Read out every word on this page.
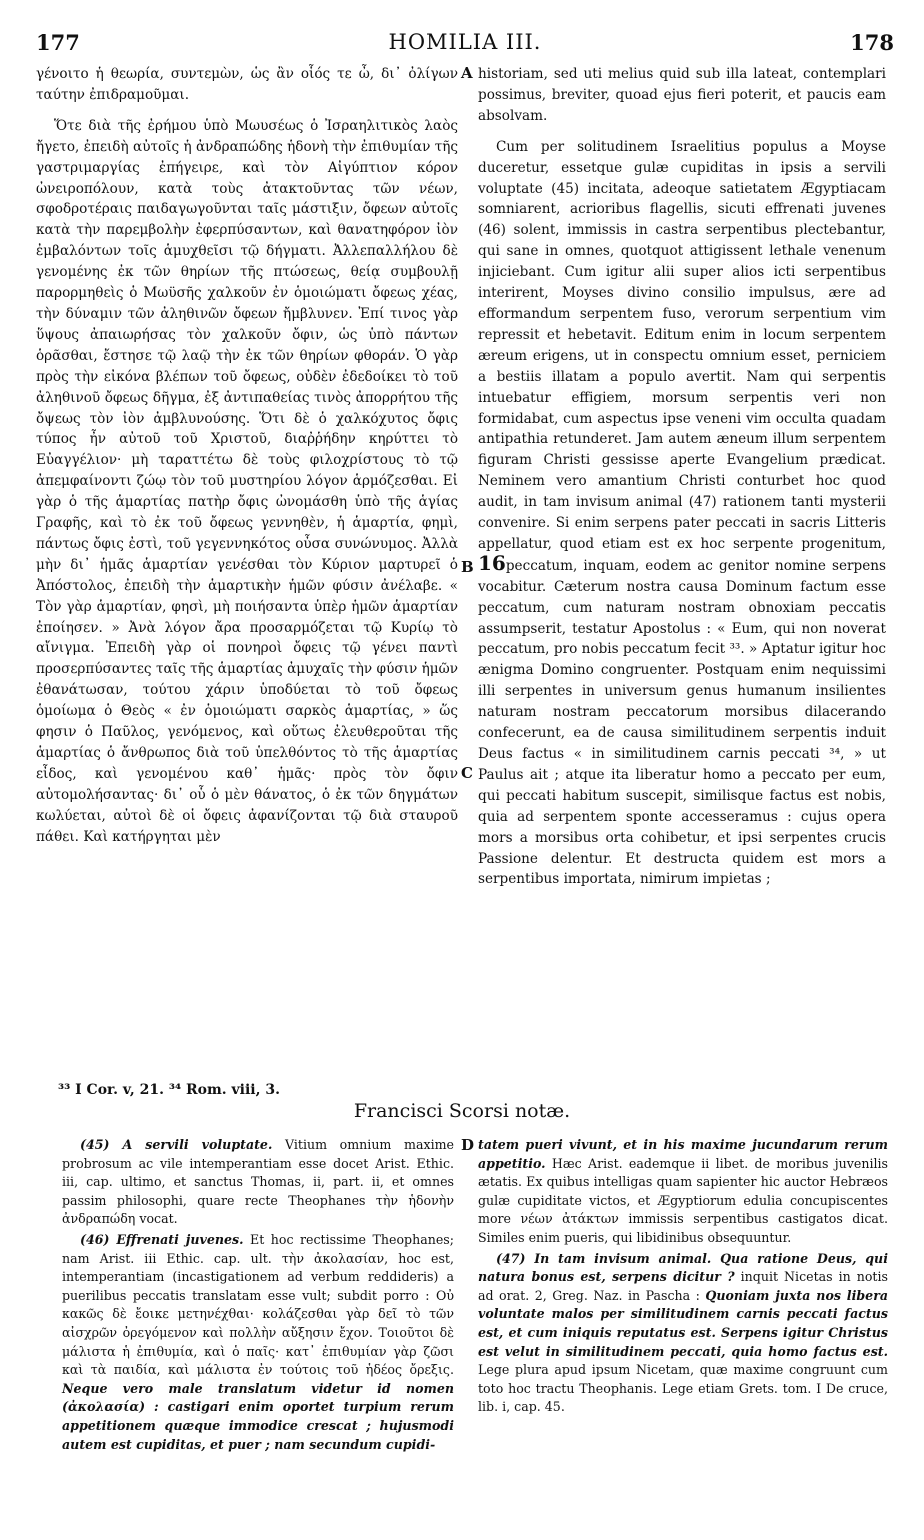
177	HOMILIA III.	178

γένοιτο ἡ θεωρία, συντεμὼν, ὡς ἂν οἷός τε ὦ, δι᾽ ὀλίγων ταύτην ἐπιδραμοῦμαι.

Ὅτε διὰ τῆς ἐρήμου ὑπὸ Μωυσέως ὁ Ἰσραηλιτικὸς λαὸς ἤγετο, ἐπειδὴ αὐτοῖς ἡ ἀνδραπώδης ἡδονὴ τὴν ἐπιθυμίαν τῆς γαστριμαργίας ἐπήγειρε, καὶ τὸν Αἰγύπτιον κόρον ὠνειροπόλουν, κατὰ τοὺς ἀτακτοῦντας τῶν νέων, σφοδροτέραις παιδαγωγοῦνται ταῖς μάστιξιν, ὄφεων αὐτοῖς κατὰ τὴν παρεμβολὴν ἐφερπύσαντων, καὶ θανατηφόρον ἰὸν ἐμβαλόντων τοῖς ἁμυχθεῖσι τῷ δήγματι. Ἀλλεπαλλήλου δὲ γενομένης ἐκ τῶν θηρίων τῆς πτώσεως, θείᾳ συμβουλῇ παρορμηθεὶς ὁ Μωϋσῆς χαλκοῦν ἐν ὁμοιώματι ὄφεως χέας, τὴν δύναμιν τῶν ἀληθινῶν ὄφεων ἤμβλυνεν. Ἐπί τινος γὰρ ὕψους ἀπαιωρήσας τὸν χαλκοῦν ὄφιν, ὡς ὑπὸ πάντων ὁρᾶσθαι, ἔστησε τῷ λαῷ τὴν ἐκ τῶν θηρίων φθοράν. Ὁ γὰρ πρὸς τὴν εἰκόνα βλέπων τοῦ ὄφεως, οὐδὲν ἐδεδοίκει τὸ τοῦ ἀληθινοῦ ὄφεως δῆγμα, ἐξ ἀντιπαθείας τινὸς ἀπορρήτου τῆς ὄψεως τὸν ἰὸν ἀμβλυνούσης. Ὅτι δὲ ὁ χαλκόχυτος ὄφις τύπος ἦν αὐτοῦ τοῦ Χριστοῦ, διαῤῥήδην κηρύττει τὸ Εὐαγγέλιον· μὴ ταραττέτω δὲ τοὺς φιλοχρίστους τὸ τῷ ἀπεμφαίνοντι ζώῳ τὸν τοῦ μυστηρίου λόγον ἁρμόζεσθαι. Εἰ γὰρ ὁ τῆς ἁμαρτίας πατὴρ ὄφις ὠνομάσθη ὑπὸ τῆς ἁγίας Γραφῆς, καὶ τὸ ἐκ τοῦ ὄφεως γεννηθὲν, ἡ ἁμαρτία, φημὶ, πάντως ὄφις ἐστὶ, τοῦ γεγεννηκότος οὖσα συνώνυμος. Ἀλλὰ μὴν δι᾽ ἡμᾶς ἁμαρτίαν γενέσθαι τὸν Κύριον μαρτυρεῖ ὁ Ἀπόστολος, ἐπειδὴ τὴν ἁμαρτικὴν ἡμῶν φύσιν ἀνέλαβε. « Τὸν γὰρ ἁμαρτίαν, φησὶ, μὴ ποιήσαντα ὑπὲρ ἡμῶν ἁμαρτίαν ἐποίησεν. » Ἀνὰ λόγον ἄρα προσαρμόζεται τῷ Κυρίῳ τὸ αἴνιγμα. Ἐπειδὴ γὰρ οἱ πονηροὶ ὄφεις τῷ γένει παντὶ προσερπύσαντες ταῖς τῆς ἁμαρτίας ἀμυχαῖς τὴν φύσιν ἡμῶν ἐθανάτωσαν, τούτου χάριν ὑποδύεται τὸ τοῦ ὄφεως ὁμοίωμα ὁ Θεὸς « ἐν ὁμοιώματι σαρκὸς ἁμαρτίας, » ὥς φησιν ὁ Παῦλος, γενόμενος, καὶ οὕτως ἐλευθεροῦται τῆς ἁμαρτίας ὁ ἄνθρωπος διὰ τοῦ ὑπελθόντος τὸ τῆς ἁμαρτίας εἶδος, καὶ γενομένου καθ᾽ ἡμᾶς· πρὸς τὸν ὄφιν αὐτομολήσαντας· δι᾽ οὗ ὁ μὲν θάνατος, ὁ ἐκ τῶν δηγμάτων κωλύεται, αὐτοὶ δὲ οἱ ὄφεις ἀφανίζονται τῷ διὰ σταυροῦ πάθει. Καὶ κατήργηται μὲν

A
B
C
D

historiam, sed uti melius quid sub illa lateat, contemplari possimus, breviter, quoad ejus fieri poterit, et paucis eam absolvam.

Cum per solitudinem Israelitius populus a Moyse duceretur, essetque gulæ cupiditas in ipsis a servili voluptate (45) incitata, adeoque satietatem Ægyptiacam somniarent, acrioribus flagellis, sicuti effrenati juvenes (46) solent, immissis in castra serpentibus plectebantur, qui sane in omnes, quotquot attigissent lethale venenum injiciebant. Cum igitur alii super alios icti serpentibus interirent, Moyses divino consilio impulsus, ære ad efformandum serpentem fuso, verorum serpentium vim repressit et hebetavit. Editum enim in locum serpentem æreum erigens, ut in conspectu omnium esset, perniciem a bestiis illatam a populo avertit. Nam qui serpentis intuebatur effigiem, morsum serpentis veri non formidabat, cum aspectus ipse veneni vim occulta quadam antipathia retunderet. Jam autem æneum illum serpentem figuram Christi gessisse aperte Evangelium prædicat. Neminem vero amantium Christi conturbet hoc quod audit, in tam invisum animal (47) rationem tanti mysterii convenire. Si enim serpens pater peccati in sacris Litteris appellatur, quod etiam est ex hoc serpente progenitum, 16peccatum, inquam, eodem ac genitor nomine serpens vocabitur. Cæterum nostra causa Dominum factum esse peccatum, cum naturam nostram obnoxiam peccatis assumpserit, testatur Apostolus : « Eum, qui non noverat peccatum, pro nobis peccatum fecit ³³. » Aptatur igitur hoc ænigma Domino congruenter. Postquam enim nequissimi illi serpentes in universum genus humanum insilientes naturam nostram peccatorum morsibus dilacerando confecerunt, ea de causa similitudinem serpentis induit Deus factus « in similitudinem carnis peccati ³⁴, » ut Paulus ait ; atque ita liberatur homo a peccato per eum, qui peccati habitum suscepit, similisque factus est nobis, quia ad serpentem sponte accesseramus : cujus opera mors a morsibus orta cohibetur, et ipsi serpentes crucis Passione delentur. Et destructa quidem est mors a serpentibus importata, nimirum impietas ;

³³ I Cor. v, 21. ³⁴ Rom. viii, 3.
Francisci Scorsi notæ.

(45) A servili voluptate. Vitium omnium maxime probrosum ac vile intemperantiam esse docet Arist. Ethic. iii, cap. ultimo, et sanctus Thomas, ii, part. ii, et omnes passim philosophi, quare recte Theophanes τὴν ἡδονὴν ἀνδραπώδη vocat.

(46) Effrenati juvenes. Et hoc rectissime Theophanes; nam Arist. iii Ethic. cap. ult. τὴν ἀκολασίαν, hoc est, intemperantiam (incastigationem ad verbum reddideris) a puerilibus peccatis translatam esse vult; subdit porro : Οὐ κακῶς δὲ ἔοικε μετηνέχθαι· κολάζεσθαι γὰρ δεῖ τὸ τῶν αἰσχρῶν ὀρεγόμενον καὶ πολλὴν αὔξησιν ἔχον. Τοιοῦτοι δὲ μάλιστα ἡ ἐπιθυμία, καὶ ὁ παῖς· κατ᾽ ἐπιθυμίαν γὰρ ζῶσι καὶ τὰ παιδία, καὶ μάλιστα ἐν τούτοις τοῦ ἡδέος ὄρεξις. Neque vero male translatum videtur id nomen (ἀκολασία) : castigari enim oportet turpium rerum appetitionem quæque immodice crescat ; hujusmodi autem est cupiditas, et puer ; nam secundum cupidi-

tatem pueri vivunt, et in his maxime jucundarum rerum appetitio. Hæc Arist. eademque ii libet. de moribus juvenilis ætatis. Ex quibus intelligas quam sapienter hic auctor Hebræos gulæ cupiditate victos, et Ægyptiorum edulia concupiscentes more νέων ἀτάκτων immissis serpentibus castigatos dicat. Similes enim pueris, qui libidinibus obsequuntur.

(47) In tam invisum animal. Qua ratione Deus, qui natura bonus est, serpens dicitur ? inquit Nicetas in notis ad orat. 2, Greg. Naz. in Pascha : Quoniam juxta nos libera voluntate malos per similitudinem carnis peccati factus est, et cum iniquis reputatus est. Serpens igitur Christus est velut in similitudinem peccati, quia homo factus est. Lege plura apud ipsum Nicetam, quæ maxime congruunt cum toto hoc tractu Theophanis. Lege etiam Grets. tom. I De cruce, lib. i, cap. 45.
